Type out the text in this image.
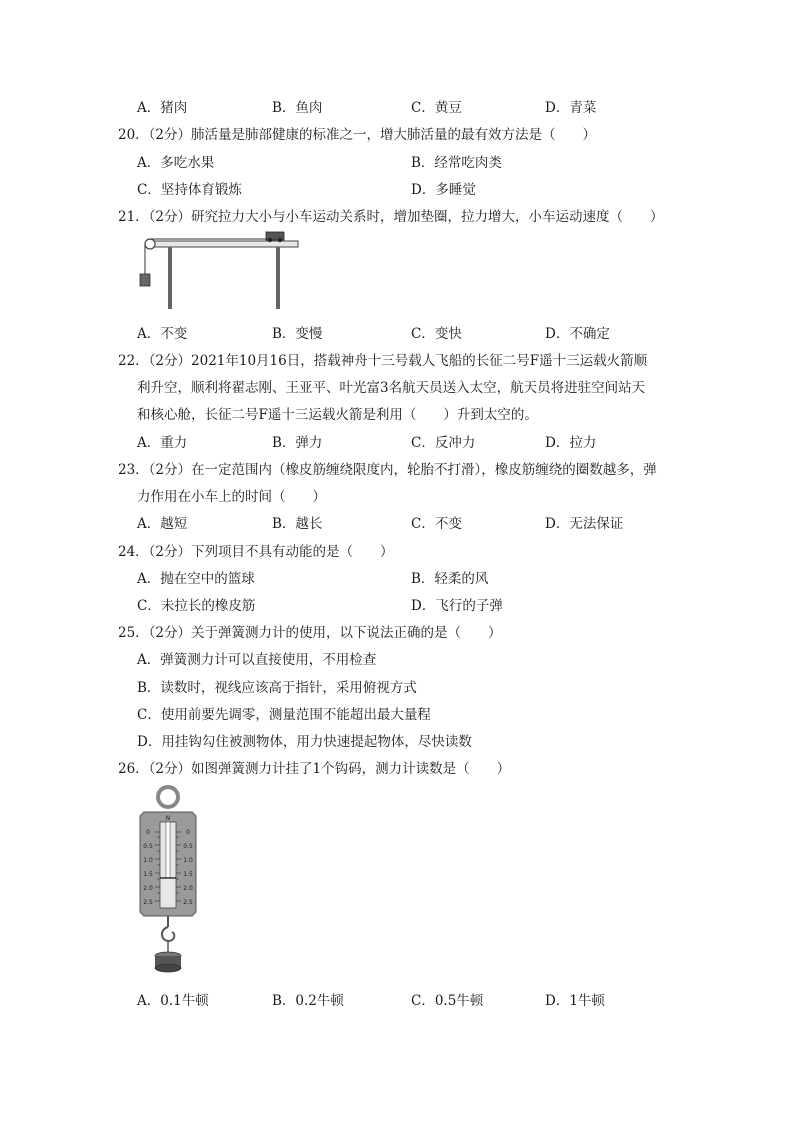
A．猪肉	B．鱼肉	C．黄豆	D．青菜
20．（2分）肺活量是肺部健康的标准之一，增大肺活量的最有效方法是（　　）
A．多吃水果	B．经常吃肉类
C．坚持体育锻炼	D．多睡觉
21．（2分）研究拉力大小与小车运动关系时，增加垫圈，拉力增大，小车运动速度（　　）
A．不变	B．变慢	C．变快	D．不确定
22．（2分）2021年10月16日，搭载神舟十三号载人飞船的长征二号F遥十三运载火箭顺
利升空，顺利将翟志刚、王亚平、叶光富3名航天员送入太空，航天员将进驻空间站天
和核心舱，长征二号F遥十三运载火箭是利用（　　）升到太空的。
A．重力	B．弹力	C．反冲力	D．拉力
23．（2分）在一定范围内（橡皮筋缠绕限度内，轮胎不打滑），橡皮筋缠绕的圈数越多，弹
力作用在小车上的时间（　　）
A．越短	B．越长	C．不变	D．无法保证
24．（2分）下列项目不具有动能的是（　　）
A．抛在空中的篮球	B．轻柔的风
C．未拉长的橡皮筋	D．飞行的子弹
25．（2分）关于弹簧测力计的使用，以下说法正确的是（　　）
A．弹簧测力计可以直接使用，不用检查
B．读数时，视线应该高于指针，采用俯视方式
C．使用前要先调零，测量范围不能超出最大量程
D．用挂钩勾住被测物体，用力快速提起物体，尽快读数
26．（2分）如图弹簧测力计挂了1个钩码，测力计读数是（　　）
N
0	0
0.5	0.5
1.0	1.0
1.5	1.5
2.0	2.0
2.5	2.5
A．0.1牛顿	B．0.2牛顿	C．0.5牛顿	D．1牛顿
